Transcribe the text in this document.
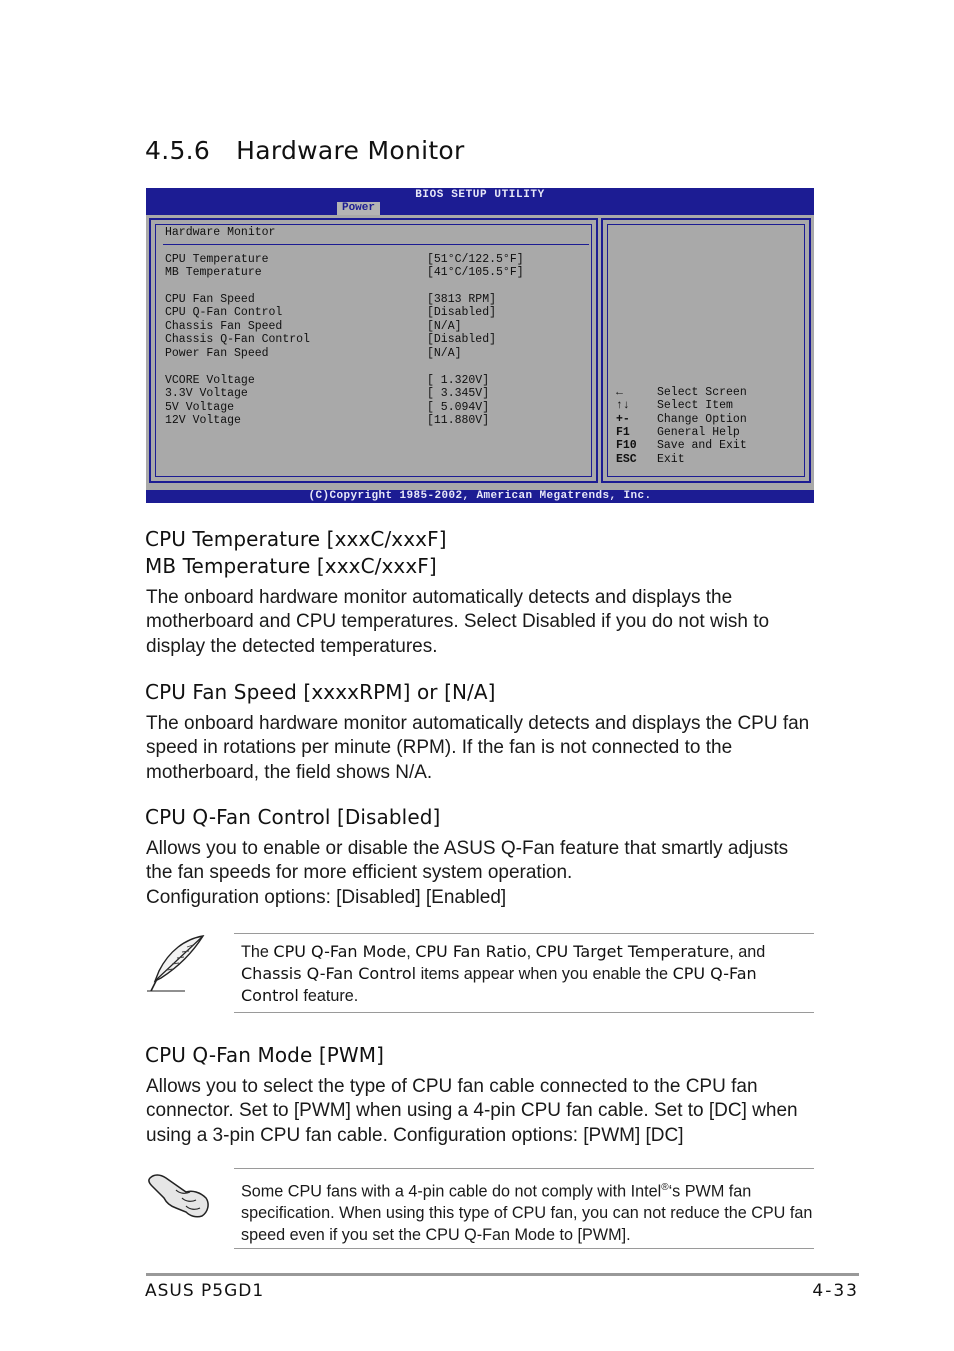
4.5.6 Hardware Monitor
BIOS SETUP UTILITY
Power
Hardware Monitor
CPU Temperature	[51°C/122.5°F]
MB Temperature	[41°C/105.5°F]
CPU Fan Speed	[3813 RPM]
CPU Q-Fan Control	[Disabled]
Chassis Fan Speed	[N/A]
Chassis Q-Fan Control	[Disabled]
Power Fan Speed	[N/A]
VCORE Voltage	[ 1.320V]
3.3V Voltage	[ 3.345V]
5V Voltage	[ 5.094V]
12V Voltage	[11.880V]
←	Select Screen
↑↓ Select Item
+- Change Option
F1 General Help
F10 Save and Exit
ESC Exit
(C)Copyright 1985-2002, American Megatrends, Inc.
CPU Temperature [xxxC/xxxF]
MB Temperature [xxxC/xxxF]

The onboard hardware monitor automatically detects and displays the motherboard and CPU temperatures. Select Disabled if you do not wish to display the detected temperatures.

CPU Fan Speed [xxxxRPM] or [N/A]

The onboard hardware monitor automatically detects and displays the CPU fan speed in rotations per minute (RPM). If the fan is not connected to the motherboard, the field shows N/A.

CPU Q-Fan Control [Disabled]

Allows you to enable or disable the ASUS Q-Fan feature that smartly adjusts the fan speeds for more efficient system operation.
Configuration options: [Disabled] [Enabled]

The CPU Q-Fan Mode, CPU Fan Ratio, CPU Target Temperature, and Chassis Q-Fan Control items appear when you enable the CPU Q-Fan Control feature.

CPU Q-Fan Mode [PWM]

Allows you to select the type of CPU fan cable connected to the CPU fan connector. Set to [PWM] when using a 4-pin CPU fan cable. Set to [DC] when using a 3-pin CPU fan cable. Configuration options: [PWM] [DC]

Some CPU fans with a 4-pin cable do not comply with Intel®‘s PWM fan specification. When using this type of CPU fan, you can not reduce the CPU fan speed even if you set the CPU Q-Fan Mode to [PWM].

ASUS P5GD1	4-33
